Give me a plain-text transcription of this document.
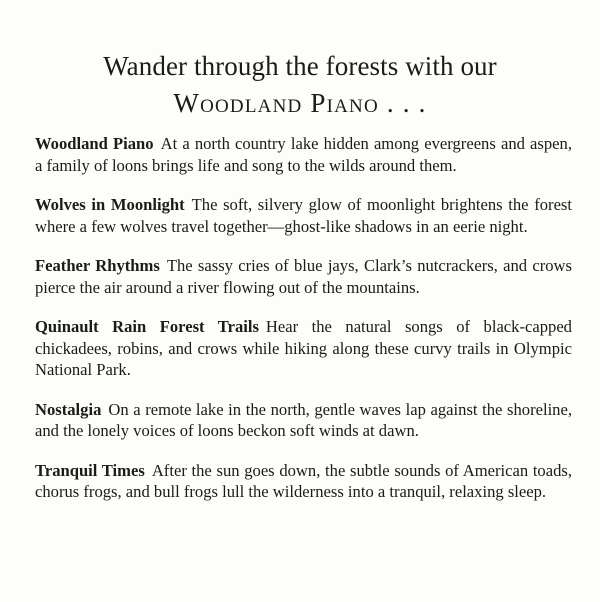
Wander through the forests with our
Woodland Piano . . .

Woodland Piano At a north country lake hidden among evergreens and aspen, a family of loons brings life and song to the wilds around them.

Wolves in Moonlight The soft, silvery glow of moonlight brightens the forest where a few wolves travel together—ghost-like shadows in an eerie night.

Feather Rhythms The sassy cries of blue jays, Clark’s nutcrackers, and crows pierce the air around a river flowing out of the mountains.

Quinault Rain Forest Trails Hear the natural songs of black-capped chickadees, robins, and crows while hiking along these curvy trails in Olympic National Park.

Nostalgia On a remote lake in the north, gentle waves lap against the shoreline, and the lonely voices of loons beckon soft winds at dawn.

Tranquil Times After the sun goes down, the subtle sounds of American toads, chorus frogs, and bull frogs lull the wilderness into a tranquil, relaxing sleep.
